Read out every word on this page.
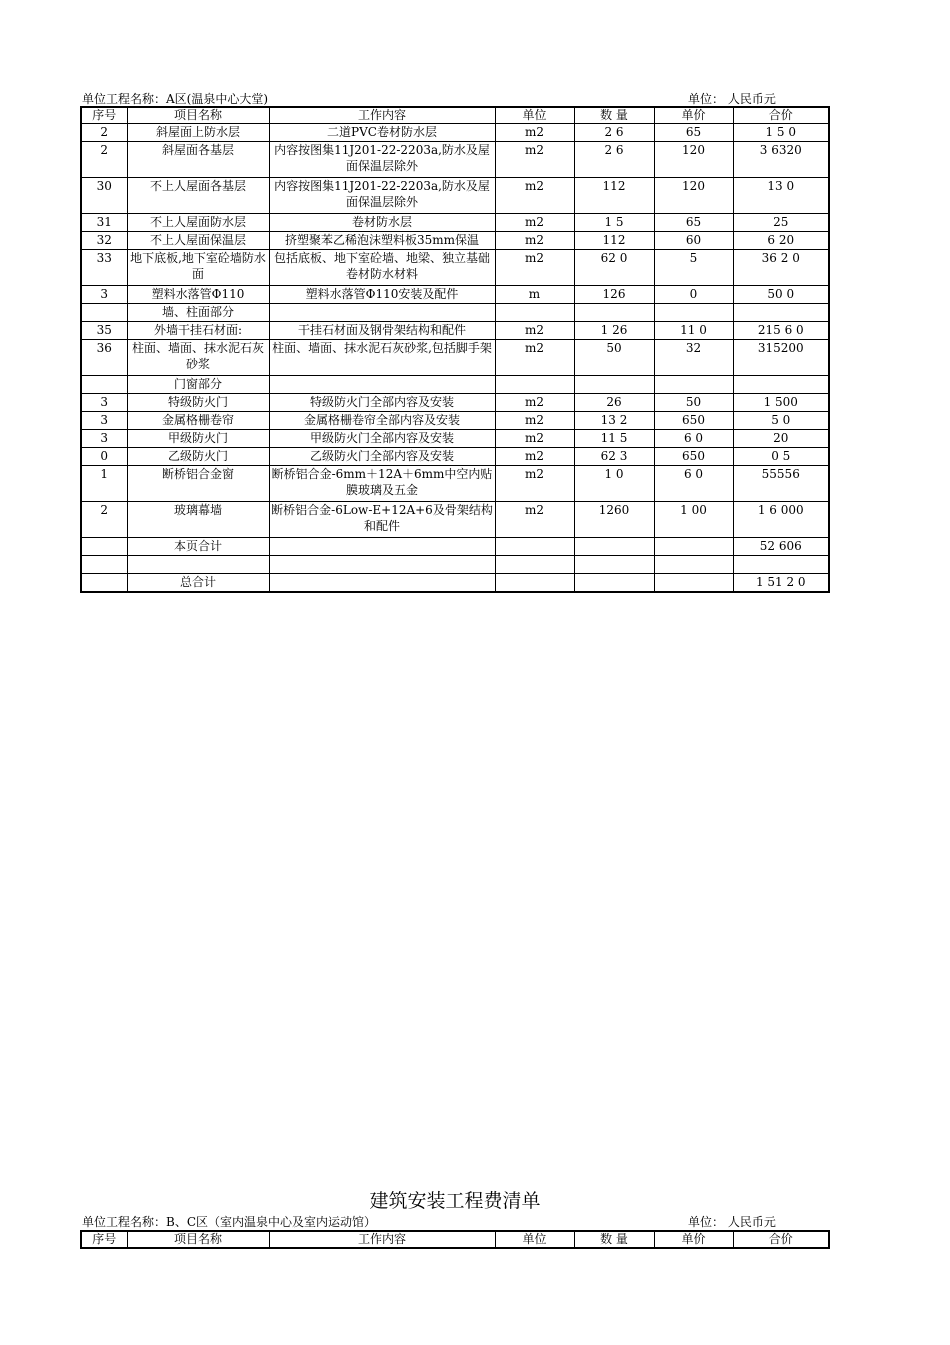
单位工程名称：A区(温泉中心大堂)	单位： 人民币元
序号	项目名称	工作内容	单位	数 量	单价	合价
2	斜屋面上防水层	二道PVC卷材防水层	m2	2 6	65	1 5 0
2	斜屋面各基层	内容按图集11J201-22-2203a,防水及屋面保温层除外	m2	2 6	120	3 6320
30	不上人屋面各基层	内容按图集11J201-22-2203a,防水及屋面保温层除外	m2	112	120	13 0
31	不上人屋面防水层	卷材防水层	m2	1 5	65	25
32	不上人屋面保温层	挤塑聚苯乙稀泡沫塑料板35mm保温	m2	112	60	6 20
33	地下底板,地下室砼墙防水面	包括底板、地下室砼墙、地梁、独立基础卷材防水材料	m2	62 0	5	36 2 0
3	塑料水落管Φ110	塑料水落管Φ110安装及配件	m	126	0	50 0
	墙、柱面部分					
35	外墙干挂石材面:	干挂石材面及钢骨架结构和配件	m2	1 26	11 0	215 6 0
36	柱面、墙面、抹水泥石灰砂浆	柱面、墙面、抹水泥石灰砂浆,包括脚手架	m2	50	32	315200
	门窗部分					
3	特级防火门	特级防火门全部内容及安装	m2	26	50	1 500
3	金属格栅卷帘	金属格栅卷帘全部内容及安装	m2	13 2	650	5 0
3	甲级防火门	甲级防火门全部内容及安装	m2	11 5	6 0	20
0	乙级防火门	乙级防火门全部内容及安装	m2	62 3	650	0 5
1	断桥铝合金窗	断桥铝合金-6mm＋12A＋6mm中空内贴膜玻璃及五金	m2	1 0	6 0	55556
2	玻璃幕墙	断桥铝合金-6Low-E+12A+6及骨架结构和配件	m2	1260	1 00	1 6 000
	本页合计					52 606

	总合计					1 51 2 0
建筑安装工程费清单
单位工程名称：B、C区（室内温泉中心及室内运动馆）	单位： 人民币元
序号	项目名称	工作内容	单位	数 量	单价	合价
